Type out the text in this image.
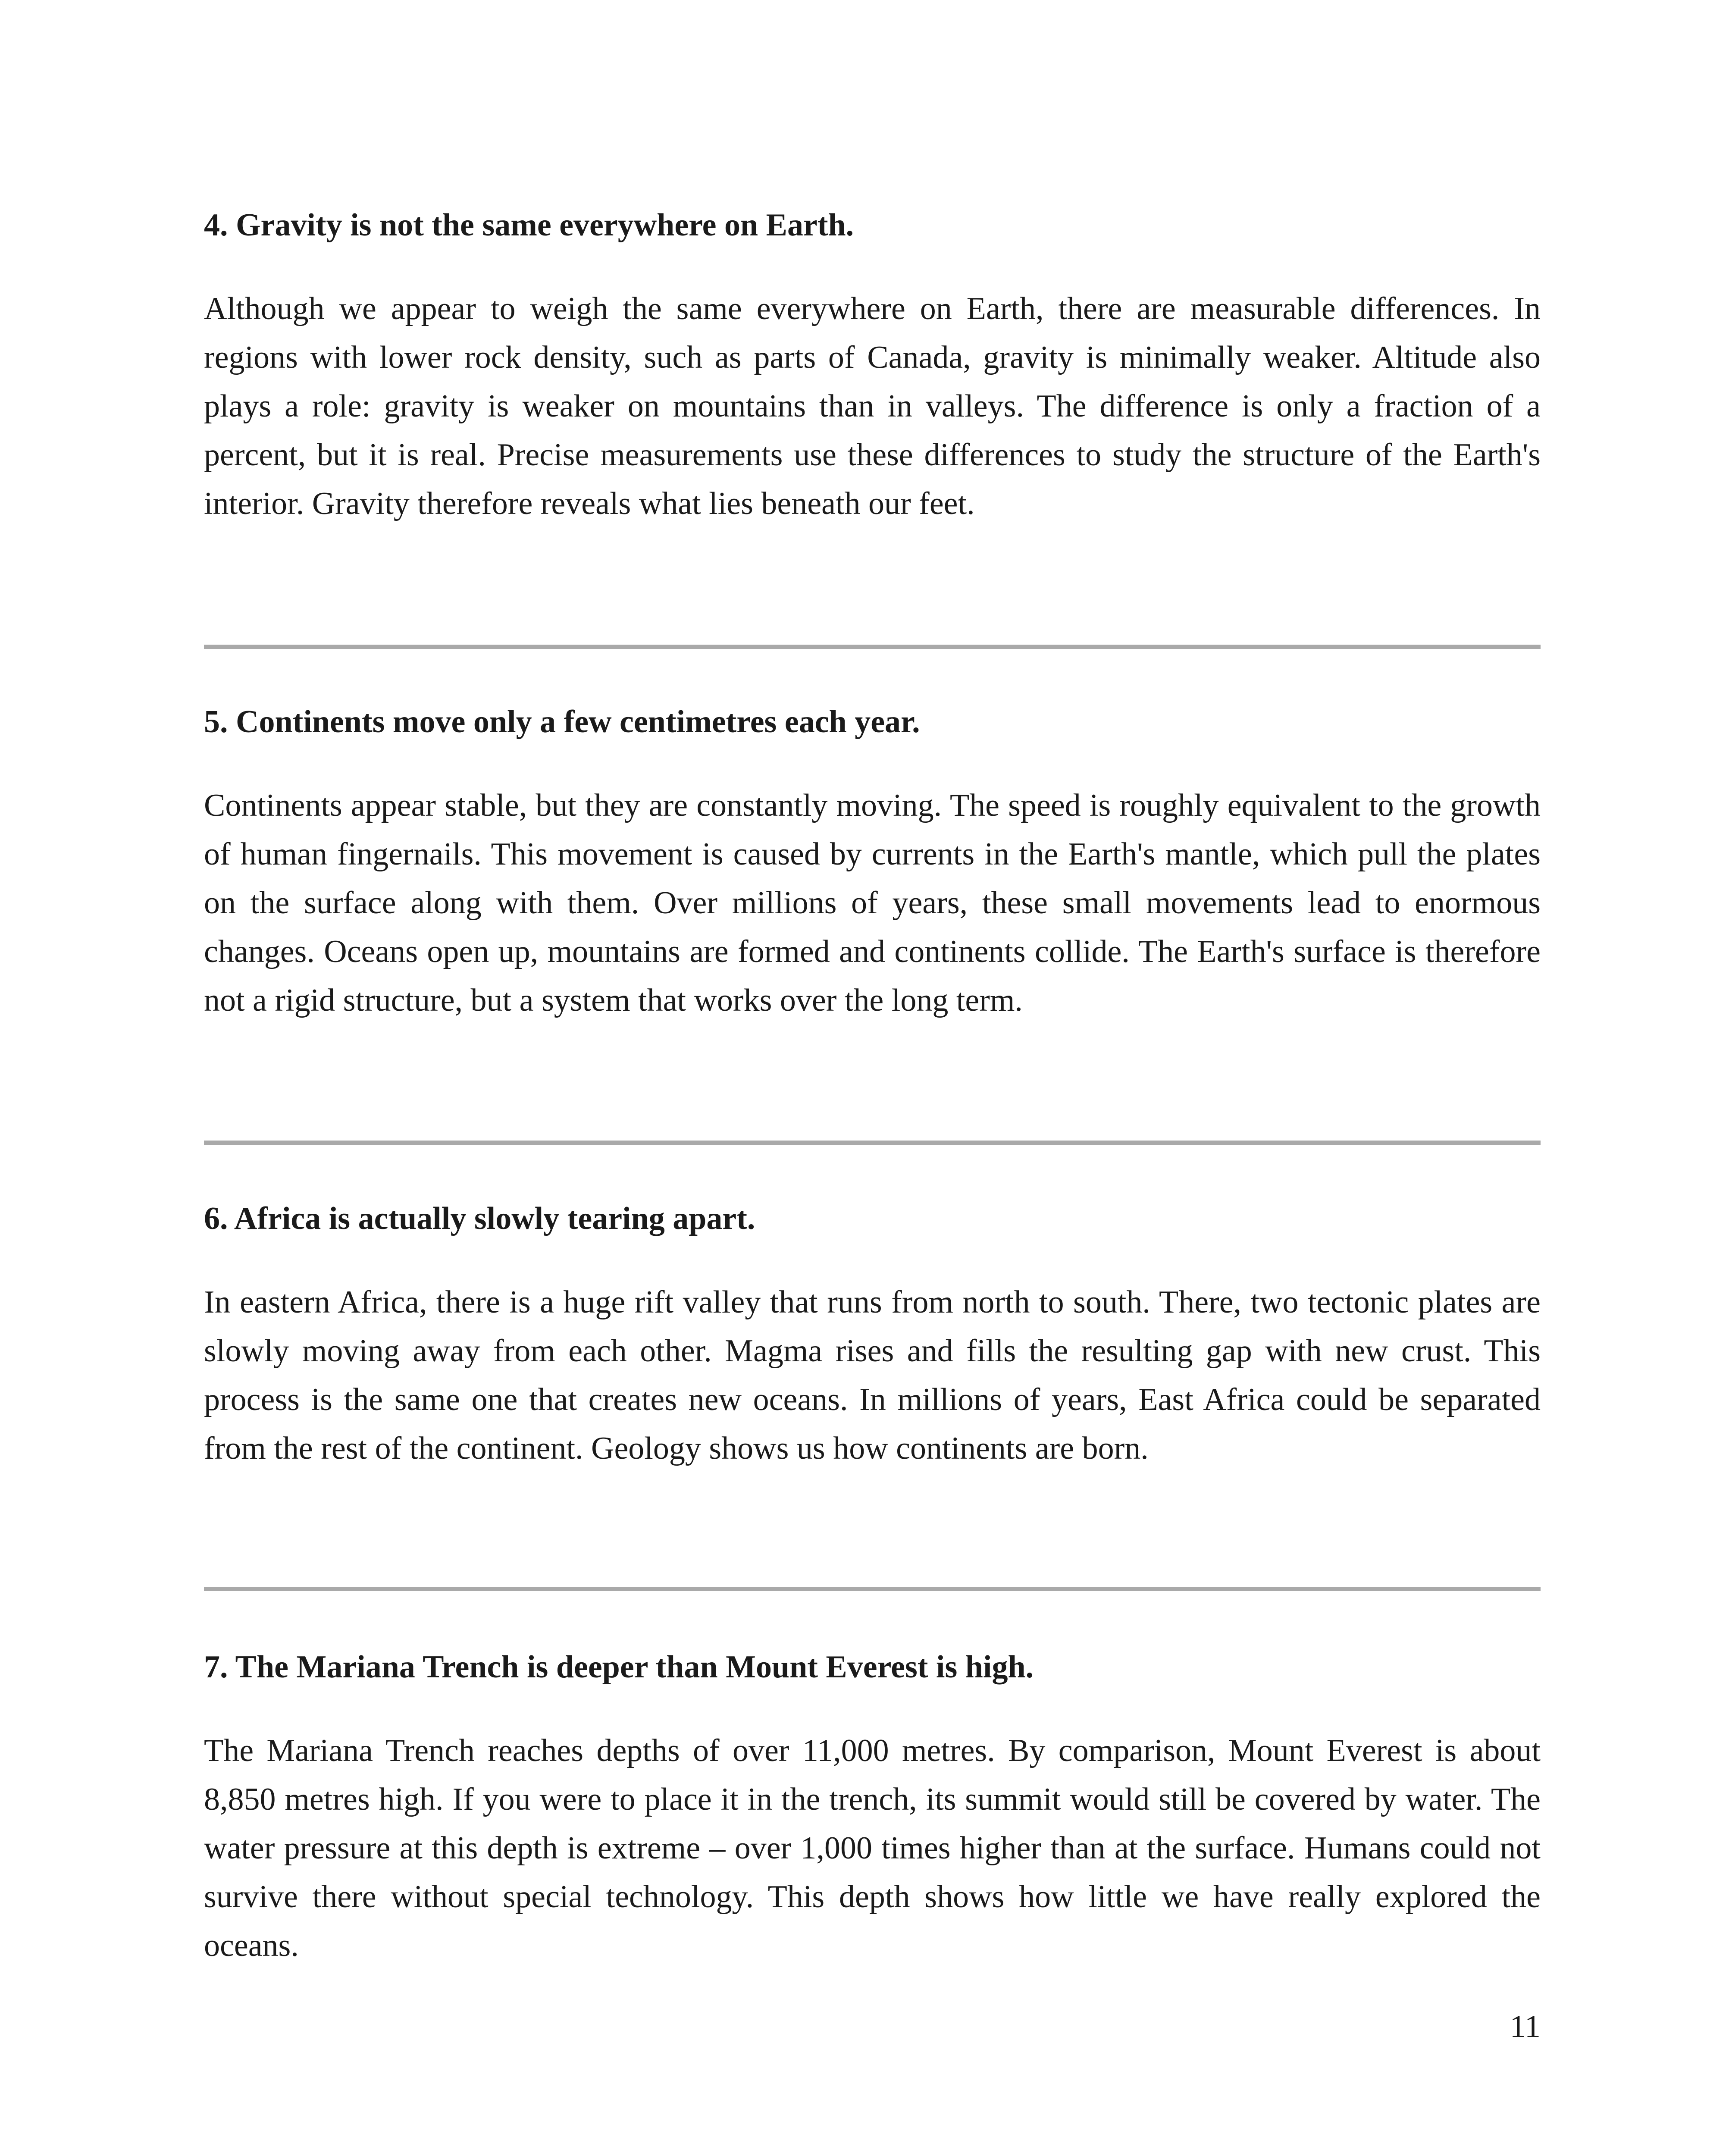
4. Gravity is not the same everywhere on Earth.

Although we appear to weigh the same everywhere on Earth, there are measurable differences. In regions with lower rock density, such as parts of Canada, gravity is minimally weaker. Altitude also plays a role: gravity is weaker on mountains than in valleys. The difference is only a fraction of a percent, but it is real. Precise measurements use these differences to study the structure of the Earth's interior. Gravity therefore reveals what lies beneath our feet.

5. Continents move only a few centimetres each year.

Continents appear stable, but they are constantly moving. The speed is roughly equivalent to the growth of human fingernails. This movement is caused by currents in the Earth's mantle, which pull the plates on the surface along with them. Over millions of years, these small movements lead to enormous changes. Oceans open up, mountains are formed and continents collide. The Earth's surface is therefore not a rigid structure, but a system that works over the long term.

6. Africa is actually slowly tearing apart.

In eastern Africa, there is a huge rift valley that runs from north to south. There, two tectonic plates are slowly moving away from each other. Magma rises and fills the resulting gap with new crust. This process is the same one that creates new oceans. In millions of years, East Africa could be separated from the rest of the continent. Geology shows us how continents are born.

7. The Mariana Trench is deeper than Mount Everest is high.

The Mariana Trench reaches depths of over 11,000 metres. By comparison, Mount Everest is about 8,850 metres high. If you were to place it in the trench, its summit would still be covered by water. The water pressure at this depth is extreme – over 1,000 times higher than at the surface. Humans could not survive there without special technology. This depth shows how little we have really explored the oceans.

11
